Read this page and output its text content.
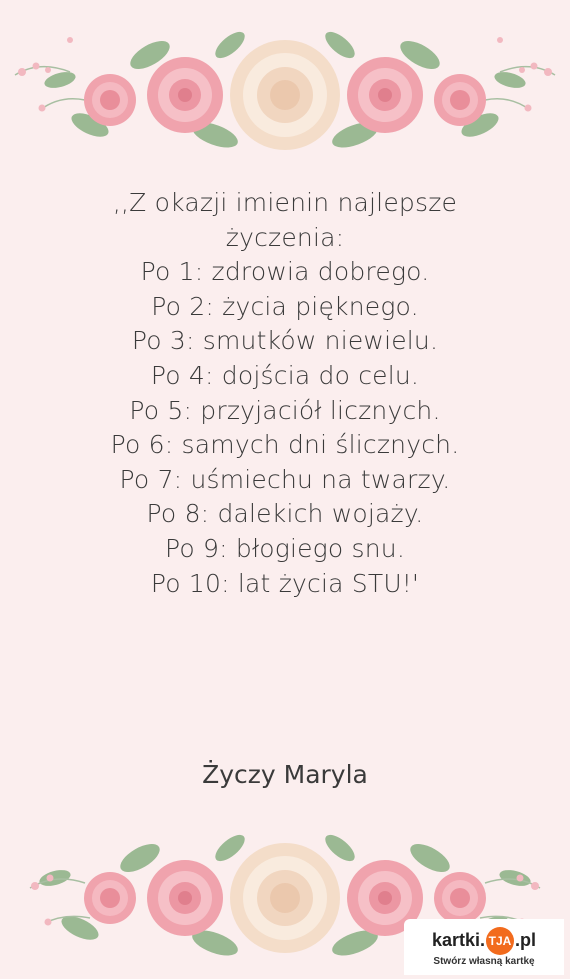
,,Z okazji imienin najlepsze
życzenia:
Po 1: zdrowia dobrego.
Po 2: życia pięknego.
Po 3: smutków niewielu.
Po 4: dojścia do celu.
Po 5: przyjaciół licznych.
Po 6: samych dni ślicznych.
Po 7: uśmiechu na twarzy.
Po 8: dalekich wojaży.
Po 9: błogiego snu.
Po 10: lat życia STU!'
Życzy Maryla
kartki. TJA .pl
Stwórz własną kartkę
